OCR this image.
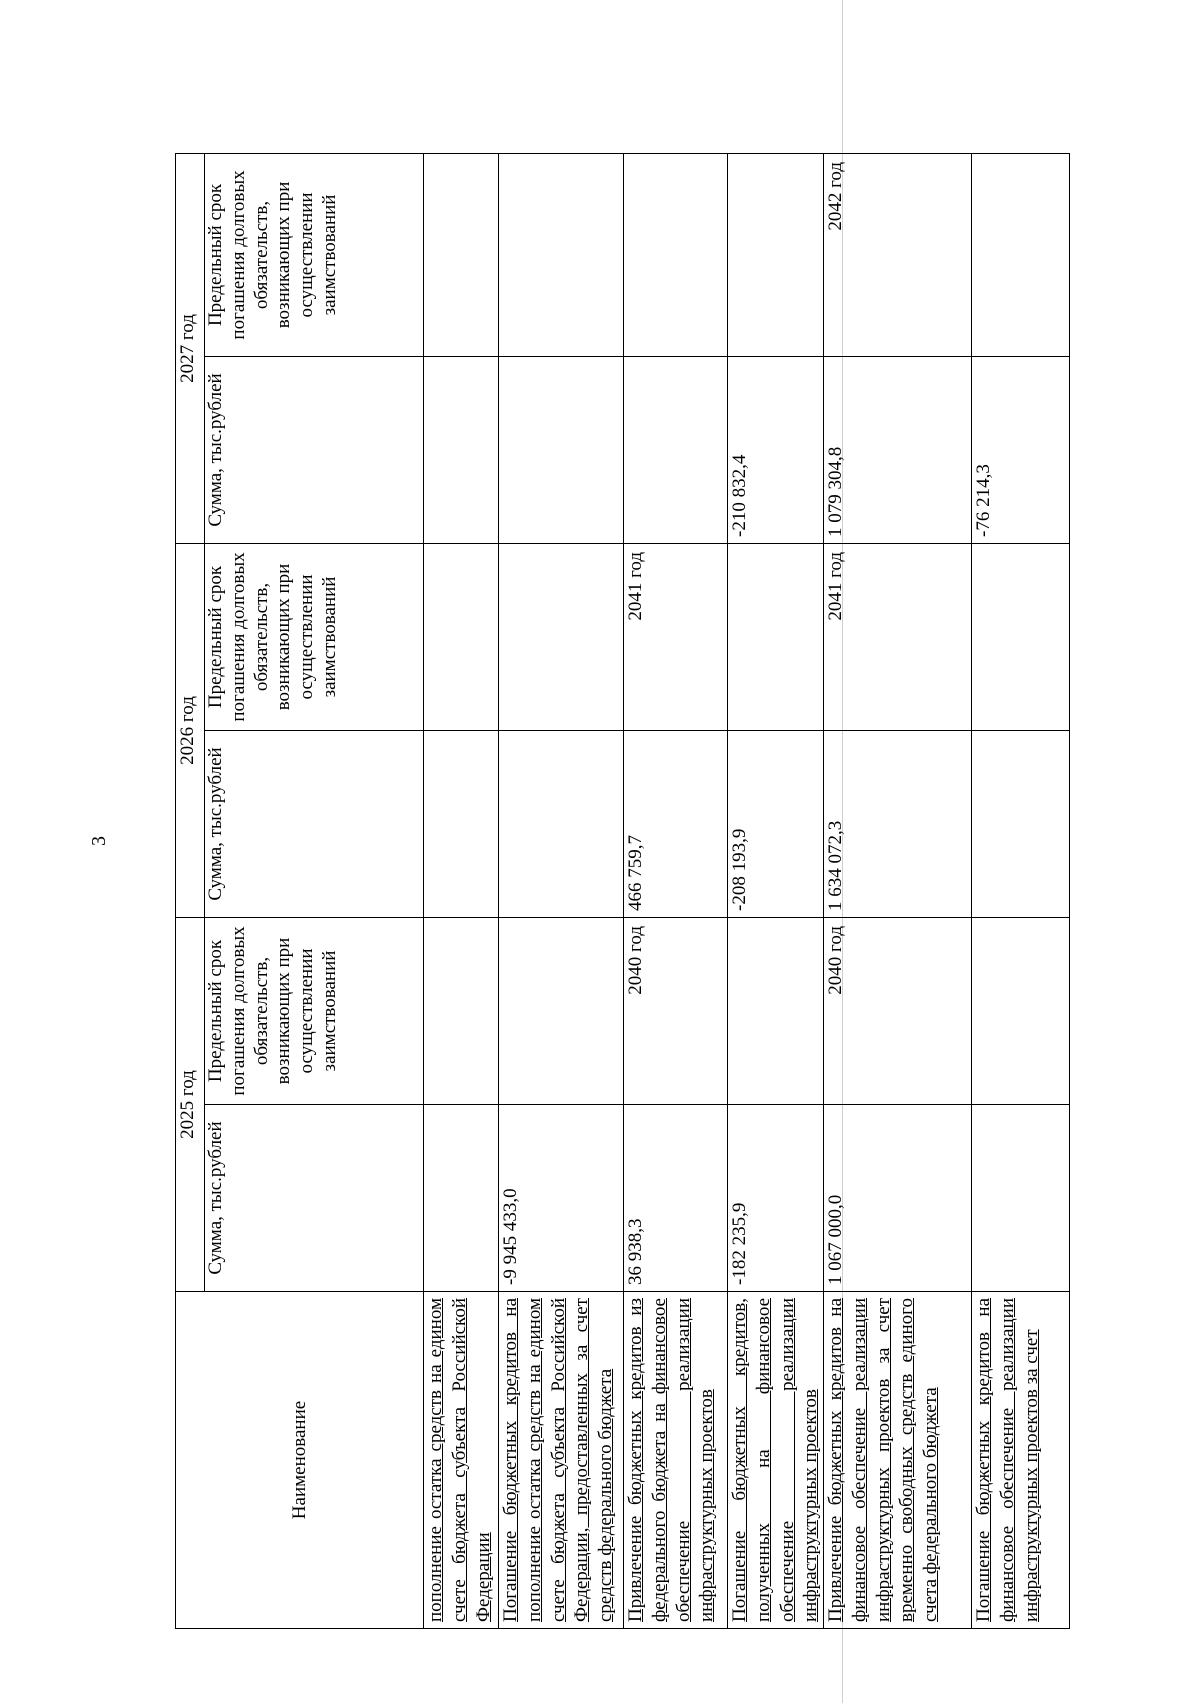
3
Наименование	2025 год		2026 год		2027 год	
	Сумма, тыс.рублей	Предельный срок погашения долговых обязательств, возникающих при осуществлении заимствований	Сумма, тыс.рублей	Предельный срок погашения долговых обязательств, возникающих при осуществлении заимствований	Сумма, тыс.рублей	Предельный срок погашения долговых обязательств, возникающих при осуществлении заимствований
пополнение остатка средств на едином счете бюджета субъекта Российской Федерации						
Погашение бюджетных кредитов на пополнение остатка средств на едином счете бюджета субъекта Российской Федерации, предоставленных за счет средств федерального бюджета	-9 945 433,0					
Привлечение бюджетных кредитов из федерального бюджета на финансовое обеспечение реализации инфраструктурных проектов	36 938,3	2040 год	466 759,7	2041 год		
Погашение бюджетных кредитов, полученных на финансовое обеспечение реализации инфраструктурных проектов	-182 235,9		-208 193,9		-210 832,4	
Привлечение бюджетных кредитов на финансовое обеспечение реализации инфраструктурных проектов за счет временно свободных средств единого счета федерального бюджета	1 067 000,0	2040 год	1 634 072,3	2041 год	1 079 304,8	2042 год
Погашение бюджетных кредитов на финансовое обеспечение реализации инфраструктурных проектов за счет					-76 214,3	
